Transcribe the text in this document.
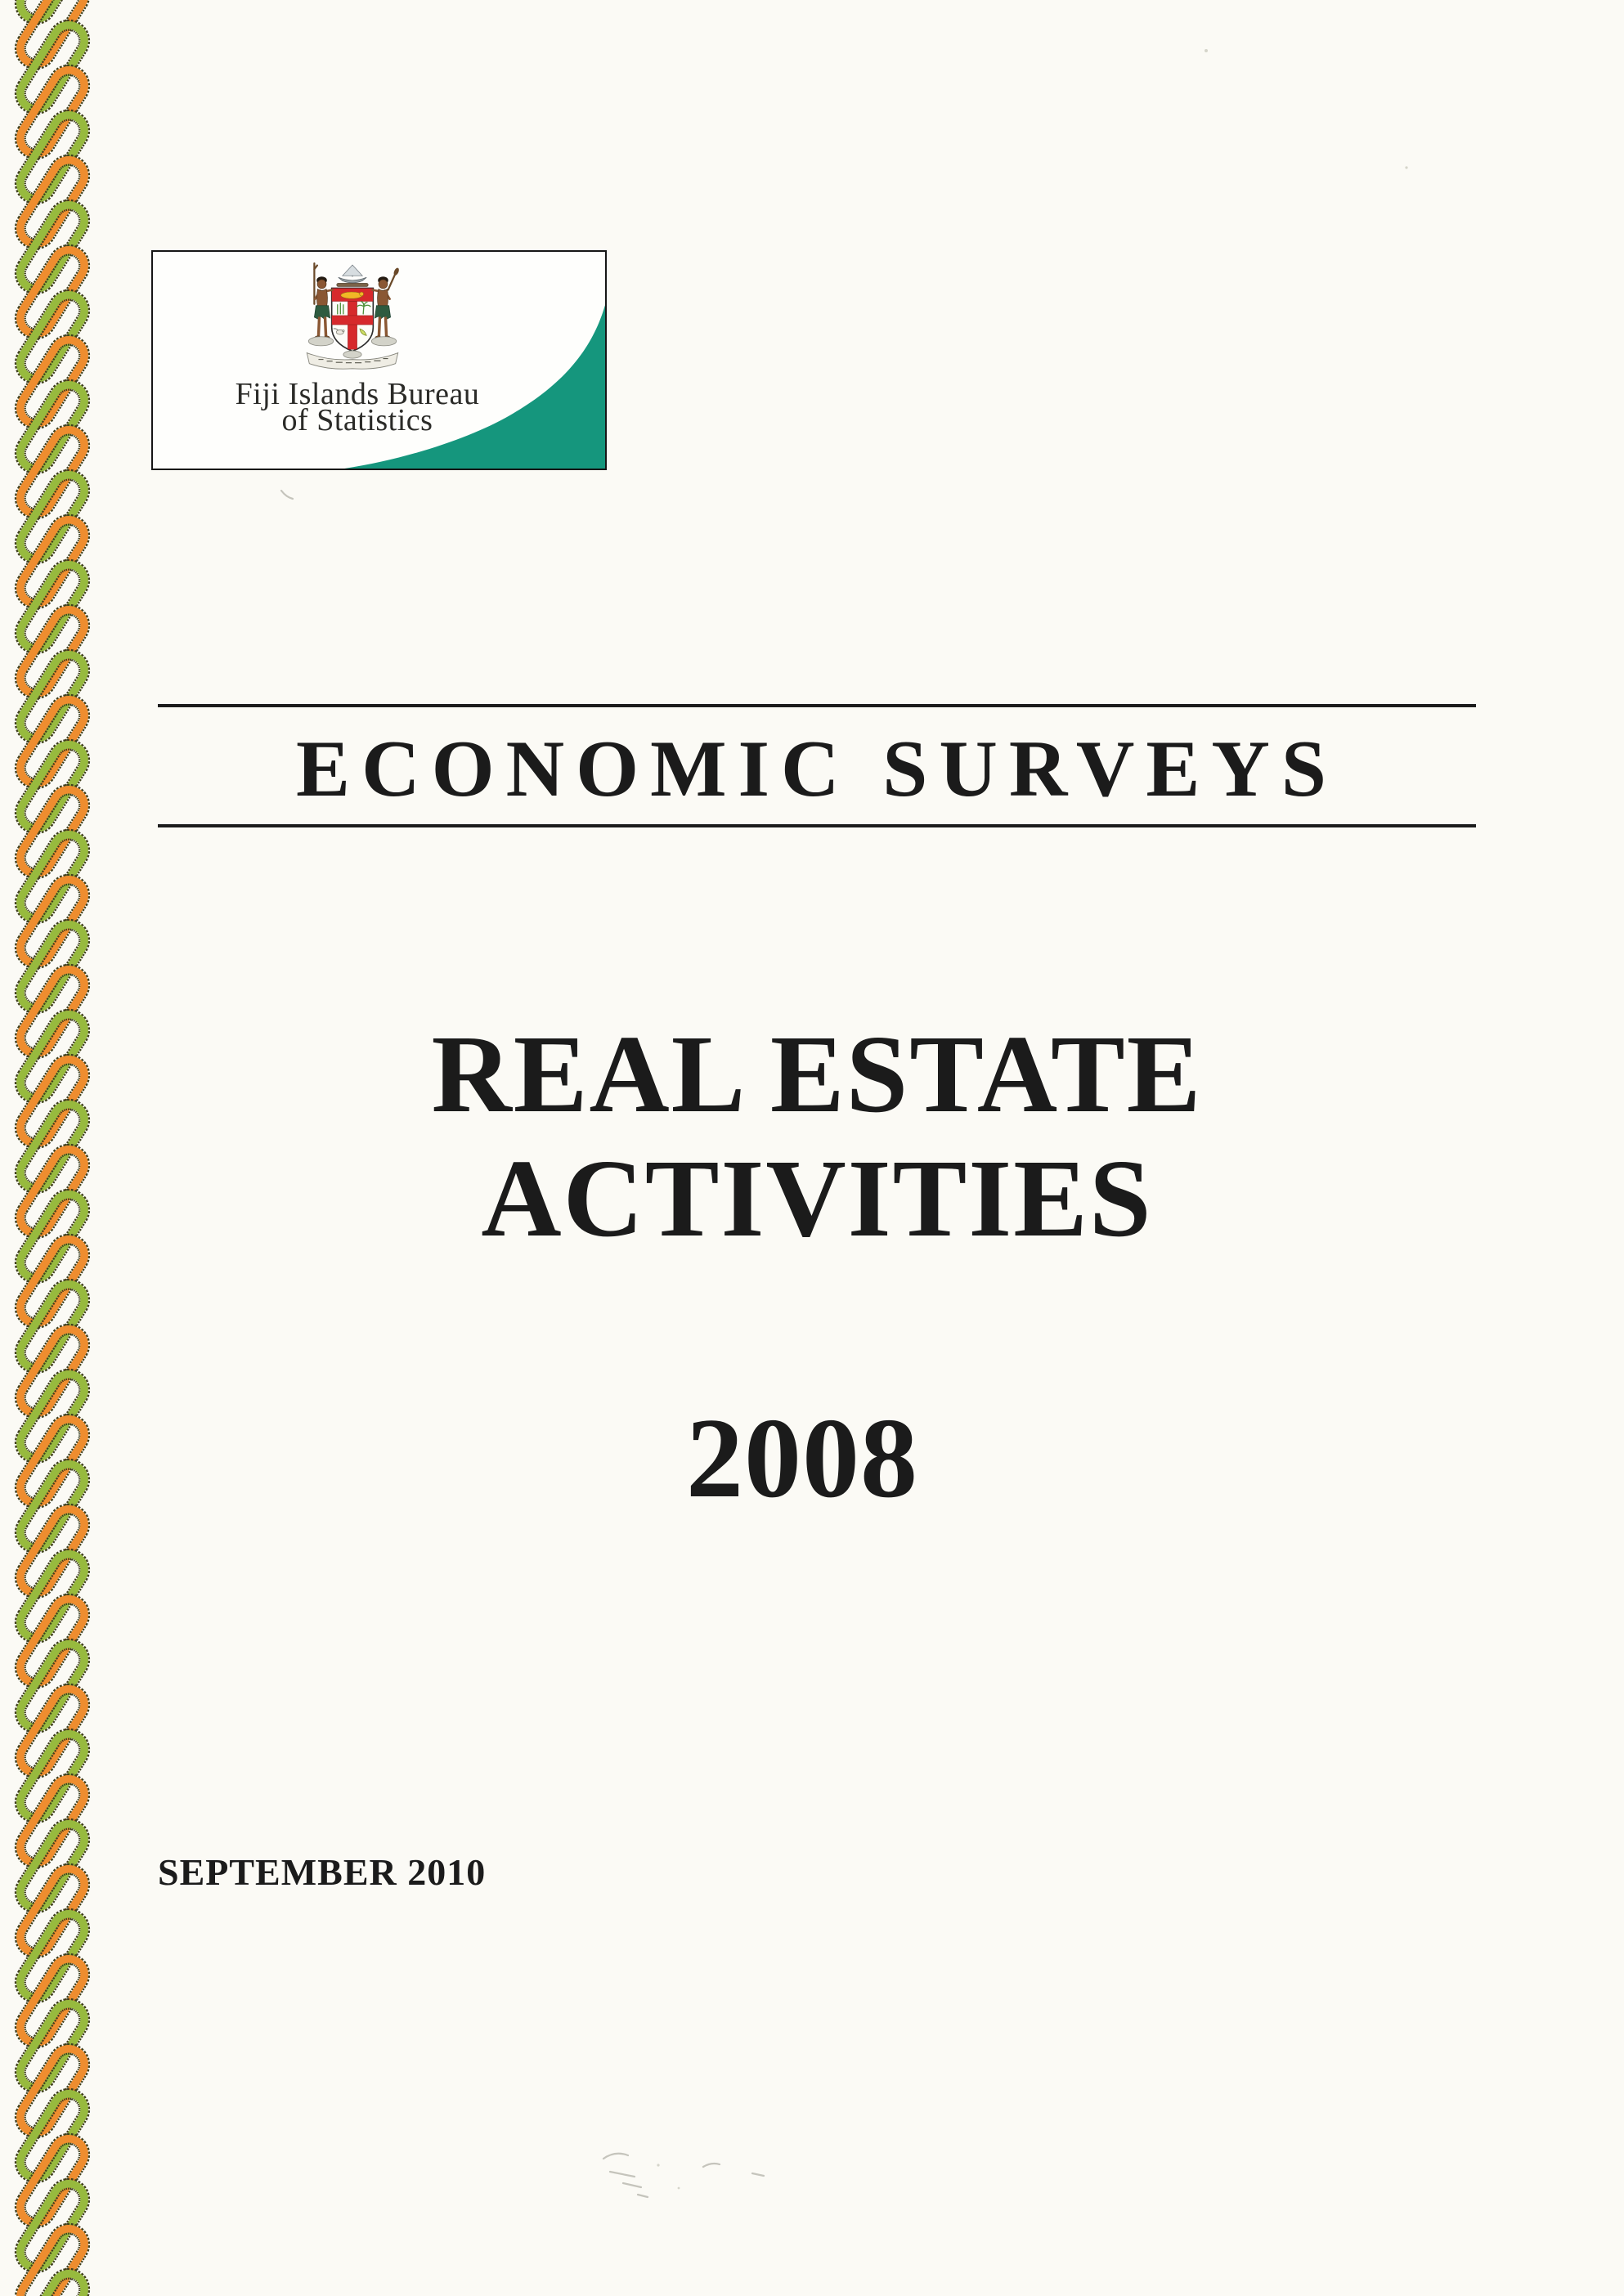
Fiji Islands Bureau
of Statistics
ECONOMIC SURVEYS
REAL ESTATE
ACTIVITIES
2008
SEPTEMBER 2010
